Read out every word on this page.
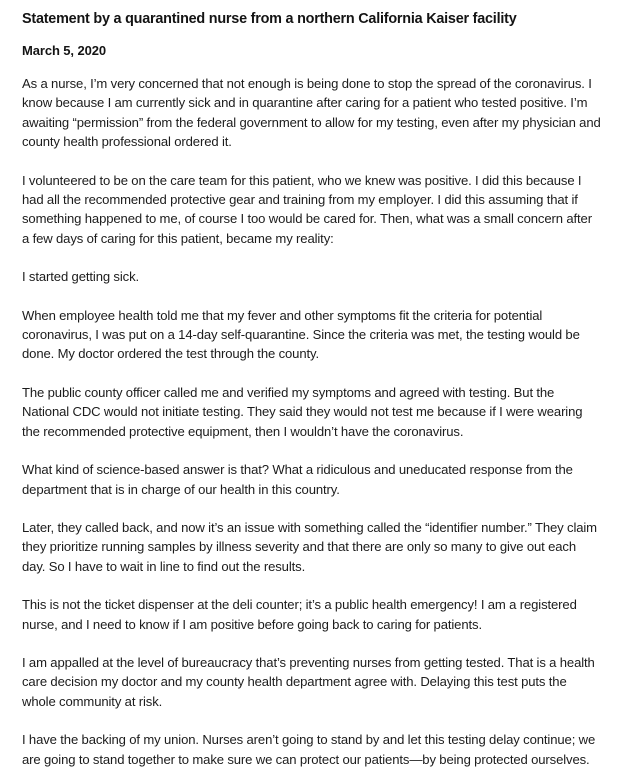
Statement by a quarantined nurse from a northern California Kaiser facility
March 5, 2020

As a nurse, I’m very concerned that not enough is being done to stop the spread of the coronavirus. I know because I am currently sick and in quarantine after caring for a patient who tested positive. I’m awaiting “permission” from the federal government to allow for my testing, even after my physician and county health professional ordered it.

I volunteered to be on the care team for this patient, who we knew was positive. I did this because I had all the recommended protective gear and training from my employer. I did this assuming that if something happened to me, of course I too would be cared for. Then, what was a small concern after a few days of caring for this patient, became my reality:

I started getting sick.

When employee health told me that my fever and other symptoms fit the criteria for potential coronavirus, I was put on a 14-day self-quarantine. Since the criteria was met, the testing would be done. My doctor ordered the test through the county.

The public county officer called me and verified my symptoms and agreed with testing. But the National CDC would not initiate testing. They said they would not test me because if I were wearing the recommended protective equipment, then I wouldn’t have the coronavirus.

What kind of science-based answer is that? What a ridiculous and uneducated response from the department that is in charge of our health in this country.

Later, they called back, and now it’s an issue with something called the “identifier number.” They claim they prioritize running samples by illness severity and that there are only so many to give out each day. So I have to wait in line to find out the results.

This is not the ticket dispenser at the deli counter; it’s a public health emergency! I am a registered nurse, and I need to know if I am positive before going back to caring for patients.

I am appalled at the level of bureaucracy that’s preventing nurses from getting tested. That is a health care decision my doctor and my county health department agree with. Delaying this test puts the whole community at risk.

I have the backing of my union. Nurses aren’t going to stand by and let this testing delay continue; we are going to stand together to make sure we can protect our patients—by being protected ourselves.
